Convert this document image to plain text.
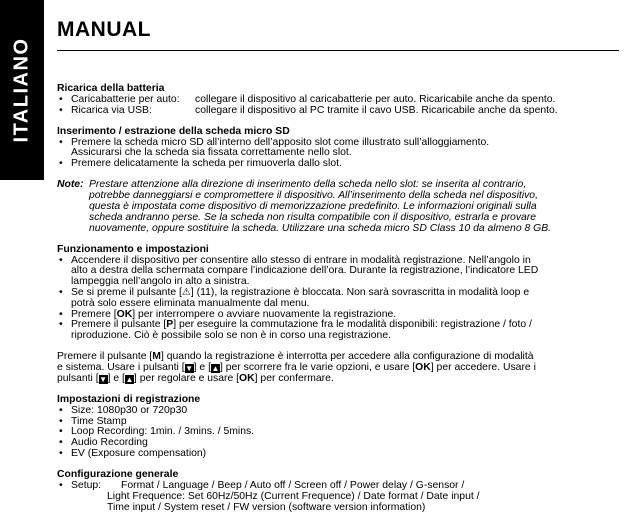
ITALIANO
MANUAL

Ricarica della batteria

• Caricabatterie per auto:	collegare il dispositivo al caricabatterie per auto. Ricaricabile anche da spento.
• Ricarica via USB:	collegare il dispositivo al PC tramite il cavo USB. Ricaricabile anche da spento.

Inserimento / estrazione della scheda micro SD

• Premere la scheda micro SD all’interno dell’apposito slot come illustrato sull’alloggiamento.
Assicurarsi che la scheda sia fissata correttamente nello slot.
• Premere delicatamente la scheda per rimuoverla dallo slot.
Note: Prestare attenzione alla direzione di inserimento della scheda nello slot: se inserita al contrario,
potrebbe danneggiarsi e compromettere il dispositivo. All’inserimento della scheda nel dispositivo,
questa è impostata come dispositivo di memorizzazione predefinito. Le informazioni originali sulla
scheda andranno perse. Se la scheda non risulta compatibile con il dispositivo, estrarla e provare
nuovamente, oppure sostituire la scheda. Utilizzare una scheda micro SD Class 10 da almeno 8 GB.

Funzionamento e impostazioni

• Accendere il dispositivo per consentire allo stesso di entrare in modalità registrazione. Nell’angolo in
alto a destra della schermata compare l’indicazione dell’ora. Durante la registrazione, l’indicatore LED
lampeggia nell’angolo in alto a sinistra.
• Se si preme il pulsante [⚠] (11), la registrazione è bloccata. Non sarà sovrascritta in modalità loop e
potrà solo essere eliminata manualmente dal menu.
• Premere [OK] per interrompere o avviare nuovamente la registrazione.
• Premere il pulsante [P] per eseguire la commutazione fra le modalità disponibili: registrazione / foto /
riproduzione. Ciò è possibile solo se non è in corso una registrazione.
Premere il pulsante [M] quando la registrazione è interrotta per accedere alla configurazione di modalità
e sistema. Usare i pulsanti [▼] e [▲] per scorrere fra le varie opzioni, e usare [OK] per accedere. Usare i
pulsanti [▼] e [▲] per regolare e usare [OK] per confermare.

Impostazioni di registrazione

• Size: 1080p30 or 720p30
• Time Stamp
• Loop Recording: 1min. / 3mins. / 5mins.
• Audio Recording
• EV (Exposure compensation)

Configurazione generale

• Setup:	Format / Language / Beep / Auto off / Screen off / Power delay / G-sensor /
Light Frequence: Set 60Hz/50Hz (Current Frequence) / Date format / Date input /
Time input / System reset / FW version (software version information)
